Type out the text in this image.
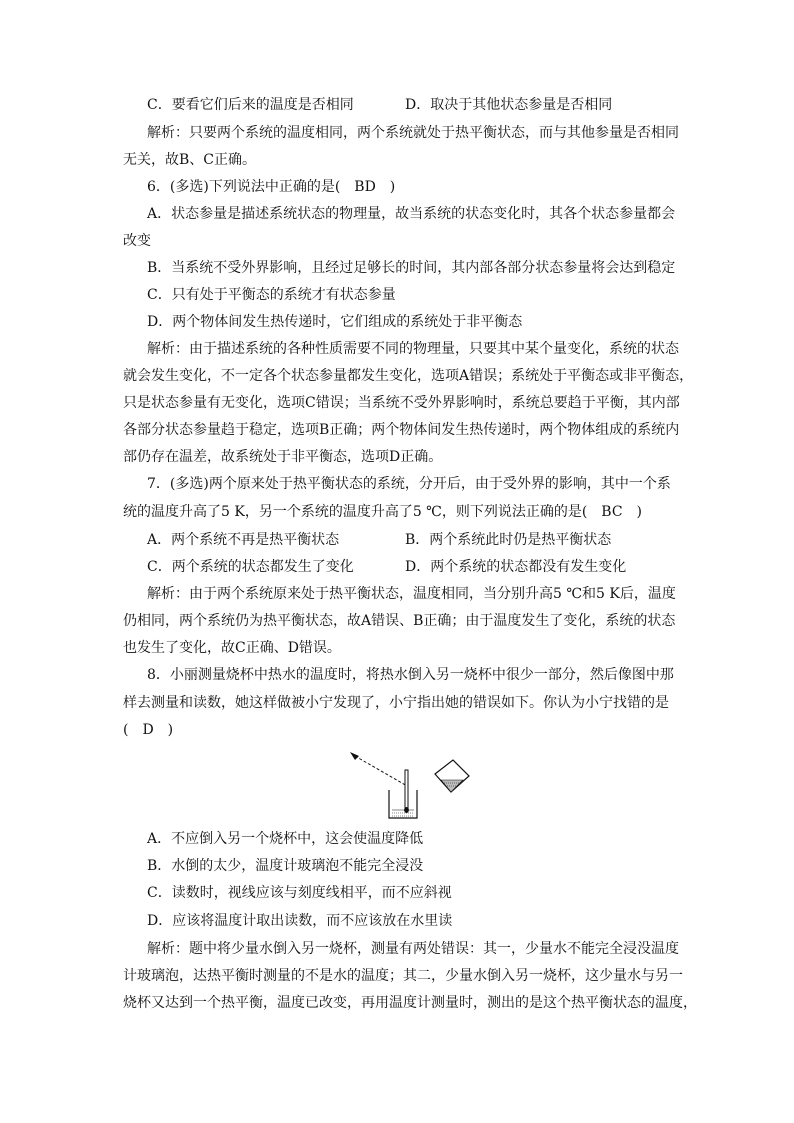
C．要看它们后来的温度是否相同	D．取决于其他状态参量是否相同
解析：只要两个系统的温度相同，两个系统就处于热平衡状态，而与其他参量是否相同
无关，故B、C正确。
6．(多选)下列说法中正确的是(　BD　)
A．状态参量是描述系统状态的物理量，故当系统的状态变化时，其各个状态参量都会
改变
B．当系统不受外界影响，且经过足够长的时间，其内部各部分状态参量将会达到稳定
C．只有处于平衡态的系统才有状态参量
D．两个物体间发生热传递时，它们组成的系统处于非平衡态
解析：由于描述系统的各种性质需要不同的物理量，只要其中某个量变化，系统的状态
就会发生变化，不一定各个状态参量都发生变化，选项A错误；系统处于平衡态或非平衡态，
只是状态参量有无变化，选项C错误；当系统不受外界影响时，系统总要趋于平衡，其内部
各部分状态参量趋于稳定，选项B正确；两个物体间发生热传递时，两个物体组成的系统内
部仍存在温差，故系统处于非平衡态，选项D正确。
7．(多选)两个原来处于热平衡状态的系统，分开后，由于受外界的影响，其中一个系
统的温度升高了5 K，另一个系统的温度升高了5 ℃，则下列说法正确的是(　BC　)
A．两个系统不再是热平衡状态	B．两个系统此时仍是热平衡状态
C．两个系统的状态都发生了变化	D．两个系统的状态都没有发生变化
解析：由于两个系统原来处于热平衡状态，温度相同，当分别升高5 ℃和5 K后，温度
仍相同，两个系统仍为热平衡状态，故A错误、B正确；由于温度发生了变化，系统的状态
也发生了变化，故C正确、D错误。
8．小丽测量烧杯中热水的温度时，将热水倒入另一烧杯中很少一部分，然后像图中那
样去测量和读数，她这样做被小宁发现了，小宁指出她的错误如下。你认为小宁找错的是
(　D　)
A．不应倒入另一个烧杯中，这会使温度降低
B．水倒的太少，温度计玻璃泡不能完全浸没
C．读数时，视线应该与刻度线相平，而不应斜视
D．应该将温度计取出读数，而不应该放在水里读
解析：题中将少量水倒入另一烧杯，测量有两处错误：其一，少量水不能完全浸没温度
计玻璃泡，达热平衡时测量的不是水的温度；其二，少量水倒入另一烧杯，这少量水与另一
烧杯又达到一个热平衡，温度已改变，再用温度计测量时，测出的是这个热平衡状态的温度，
